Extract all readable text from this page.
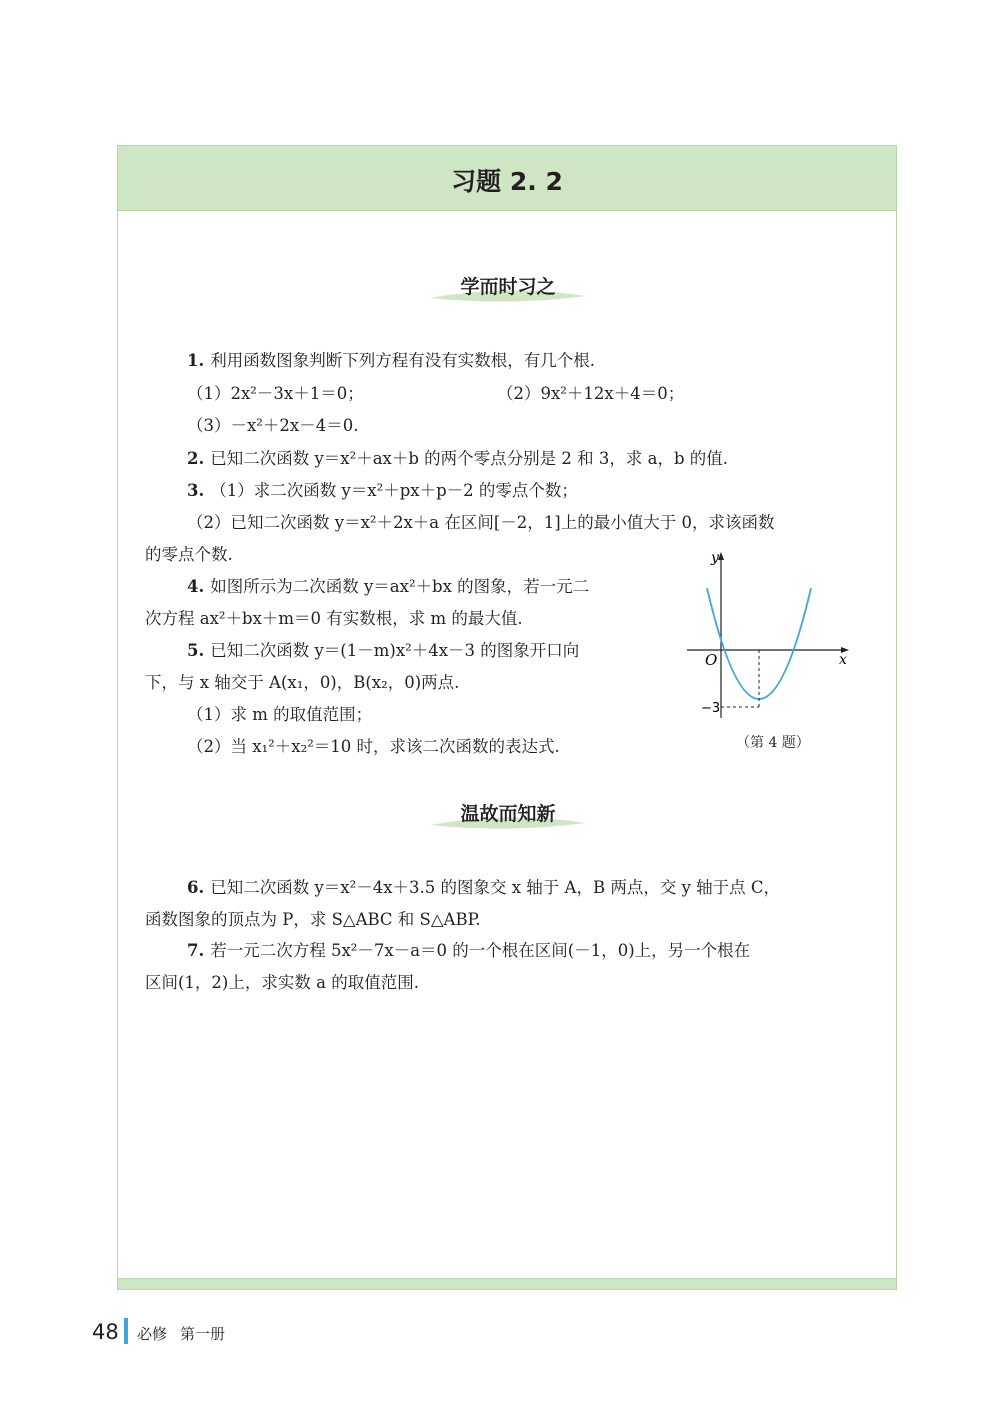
习题 2. 2
学而时习之
1. 利用函数图象判断下列方程有没有实数根，有几个根.
（1）2x²－3x＋1＝0；	（2）9x²＋12x＋4＝0；
（3）－x²＋2x－4＝0.
2. 已知二次函数 y＝x²＋ax＋b 的两个零点分别是 2 和 3，求 a，b 的值.
3. （1）求二次函数 y＝x²＋px＋p－2 的零点个数；
（2）已知二次函数 y＝x²＋2x＋a 在区间[－2，1]上的最小值大于 0，求该函数
的零点个数.
4. 如图所示为二次函数 y＝ax²＋bx 的图象，若一元二
次方程 ax²＋bx＋m＝0 有实数根，求 m 的最大值.
5. 已知二次函数 y＝(1－m)x²＋4x－3 的图象开口向
下，与 x 轴交于 A(x₁，0)，B(x₂，0)两点.
（1）求 m 的取值范围；
（2）当 x₁²＋x₂²＝10 时，求该二次函数的表达式.
y
x
O
−3
（第 4 题）
温故而知新
6. 已知二次函数 y＝x²－4x＋3.5 的图象交 x 轴于 A，B 两点，交 y 轴于点 C，
函数图象的顶点为 P，求 S△ABC 和 S△ABP.
7. 若一元二次方程 5x²－7x－a＝0 的一个根在区间(－1，0)上，另一个根在
区间(1，2)上，求实数 a 的取值范围.
48 必修 第一册
